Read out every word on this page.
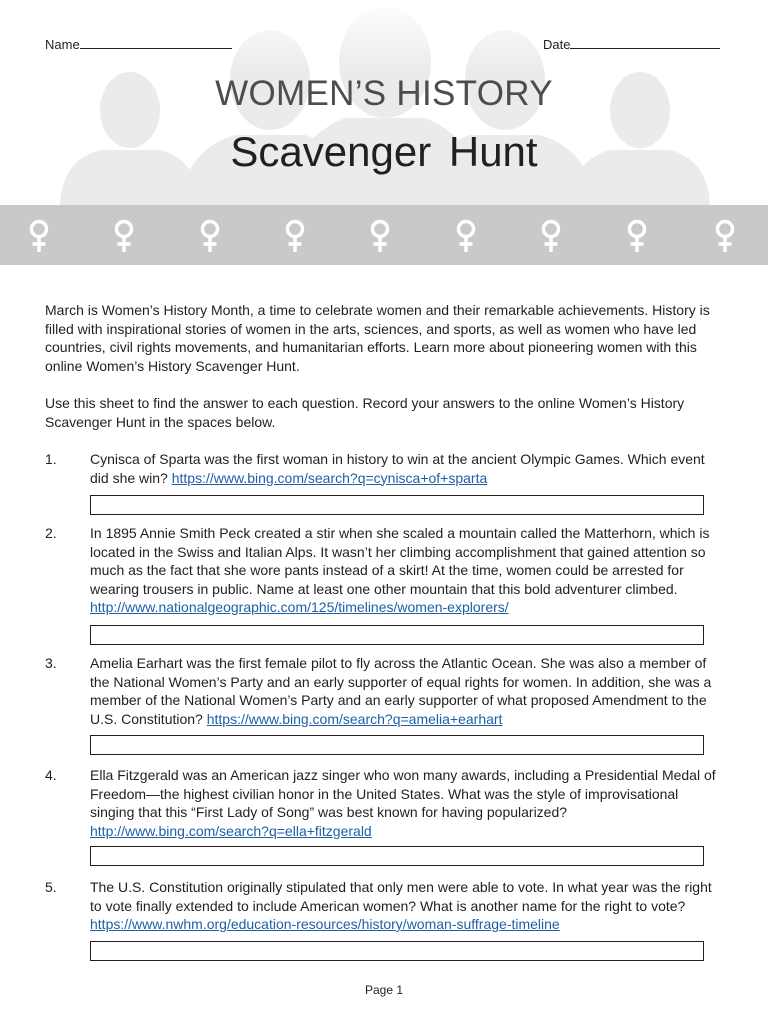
Name	Date
WOMEN’S HISTORY
Scavenger Hunt
March is Women’s History Month, a time to celebrate women and their remarkable achievements. History is filled with inspirational stories of women in the arts, sciences, and sports, as well as women who have led countries, civil rights movements, and humanitarian efforts. Learn more about pioneering women with this online Women’s History Scavenger Hunt.
Use this sheet to find the answer to each question. Record your answers to the online Women’s History Scavenger Hunt in the spaces below.
1. Cynisca of Sparta was the first woman in history to win at the ancient Olympic Games. Which event did she win? https://www.bing.com/search?q=cynisca+of+sparta
2. In 1895 Annie Smith Peck created a stir when she scaled a mountain called the Matterhorn, which is located in the Swiss and Italian Alps. It wasn’t her climbing accomplishment that gained attention so much as the fact that she wore pants instead of a skirt! At the time, women could be arrested for wearing trousers in public. Name at least one other mountain that this bold adventurer climbed.
http://www.nationalgeographic.com/125/timelines/women-explorers/
3. Amelia Earhart was the first female pilot to fly across the Atlantic Ocean. She was also a member of the National Women’s Party and an early supporter of equal rights for women. In addition, she was a member of the National Women’s Party and an early supporter of what proposed Amendment to the U.S. Constitution? https://www.bing.com/search?q=amelia+earhart
4. Ella Fitzgerald was an American jazz singer who won many awards, including a Presidential Medal of Freedom—the highest civilian honor in the United States. What was the style of improvisational singing that this “First Lady of Song” was best known for having popularized? http://www.bing.com/search?q=ella+fitzgerald
5. The U.S. Constitution originally stipulated that only men were able to vote. In what year was the right to vote finally extended to include American women? What is another name for the right to vote?
https://www.nwhm.org/education-resources/history/woman-suffrage-timeline
Page 1
